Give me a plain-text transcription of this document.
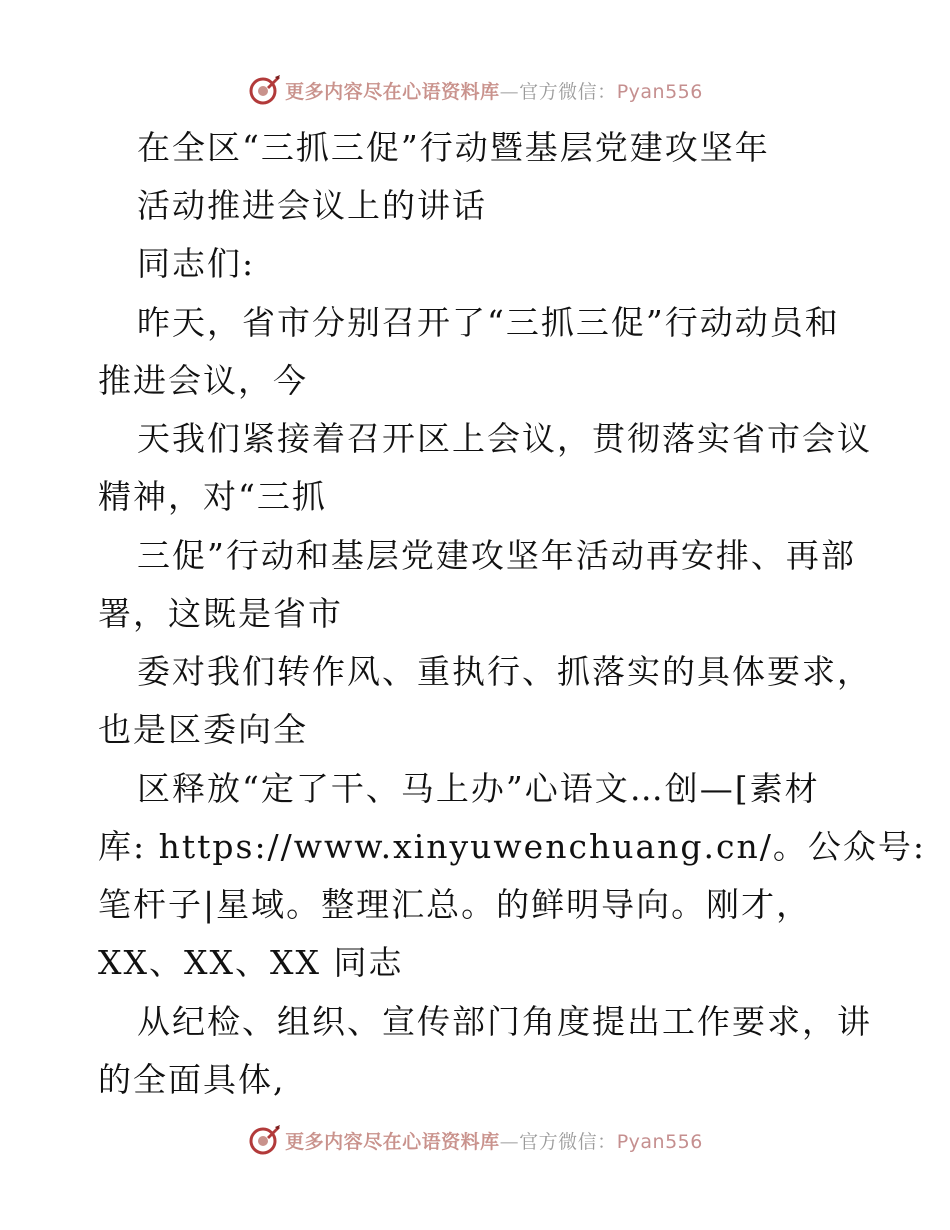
更多内容尽在心语资料库—官方微信：Pyan556
在全区“三抓三促”行动暨基层党建攻坚年
活动推进会议上的讲话
同志们:
昨天，省市分别召开了“三抓三促”行动动员和
推进会议，今
天我们紧接着召开区上会议，贯彻落实省市会议
精神，对“三抓
三促”行动和基层党建攻坚年活动再安排、再部
署，这既是省市
委对我们转作风、重执行、抓落实的具体要求，
也是区委向全
区释放“定了干、马上办”心语文…创—[素材
库: https://www.xinyuwenchuang.cn/。公众号:
笔杆子|星域。整理汇总。的鲜明导向。刚才，
XX、XX、XX 同志
从纪检、组织、宣传部门角度提出工作要求，讲
的全面具体,
更多内容尽在心语资料库—官方微信：Pyan556
